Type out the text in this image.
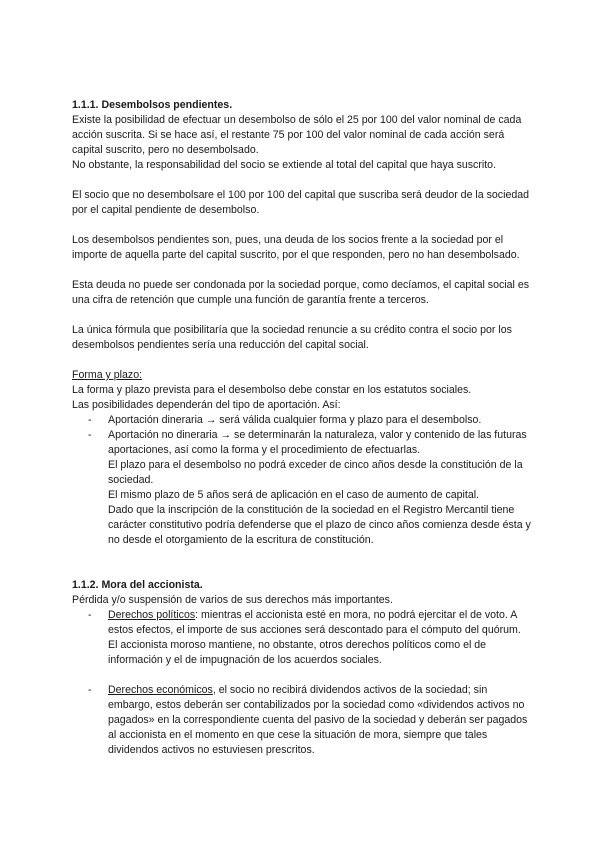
1.1.1. Desembolsos pendientes.

Existe la posibilidad de efectuar un desembolso de sólo el 25 por 100 del valor nominal de cada acción suscrita. Si se hace así, el restante 75 por 100 del valor nominal de cada acción será capital suscrito, pero no desembolsado.

No obstante, la responsabilidad del socio se extiende al total del capital que haya suscrito.

El socio que no desembolsare el 100 por 100 del capital que suscriba será deudor de la sociedad por el capital pendiente de desembolso.

Los desembolsos pendientes son, pues, una deuda de los socios frente a la sociedad por el importe de aquella parte del capital suscrito, por el que responden, pero no han desembolsado.

Esta deuda no puede ser condonada por la sociedad porque, como decíamos, el capital social es una cifra de retención que cumple una función de garantía frente a terceros.

La única fórmula que posibilitaría que la sociedad renuncie a su crédito contra el socio por los desembolsos pendientes sería una reducción del capital social.

Forma y plazo:

La forma y plazo prevista para el desembolso debe constar en los estatutos sociales.

Las posibilidades dependerán del tipo de aportación. Así:

- Aportación dineraria → será válida cualquier forma y plazo para el desembolso.
- Aportación no dineraria → se determinarán la naturaleza, valor y contenido de las futuras aportaciones, así como la forma y el procedimiento de efectuarlas.

El plazo para el desembolso no podrá exceder de cinco años desde la constitución de la sociedad.

El mismo plazo de 5 años será de aplicación en el caso de aumento de capital.

Dado que la inscripción de la constitución de la sociedad en el Registro Mercantil tiene carácter constitutivo podría defenderse que el plazo de cinco años comienza desde ésta y no desde el otorgamiento de la escritura de constitución.

1.1.2. Mora del accionista.

Pérdida y/o suspensión de varios de sus derechos más importantes.

- Derechos políticos: mientras el accionista esté en mora, no podrá ejercitar el de voto. A estos efectos, el importe de sus acciones será descontado para el cómputo del quórum.

El accionista moroso mantiene, no obstante, otros derechos políticos como el de información y el de impugnación de los acuerdos sociales.

- Derechos económicos, el socio no recibirá dividendos activos de la sociedad; sin embargo, estos deberán ser contabilizados por la sociedad como «dividendos activos no pagados» en la correspondiente cuenta del pasivo de la sociedad y deberán ser pagados al accionista en el momento en que cese la situación de mora, siempre que tales dividendos activos no estuviesen prescritos.
